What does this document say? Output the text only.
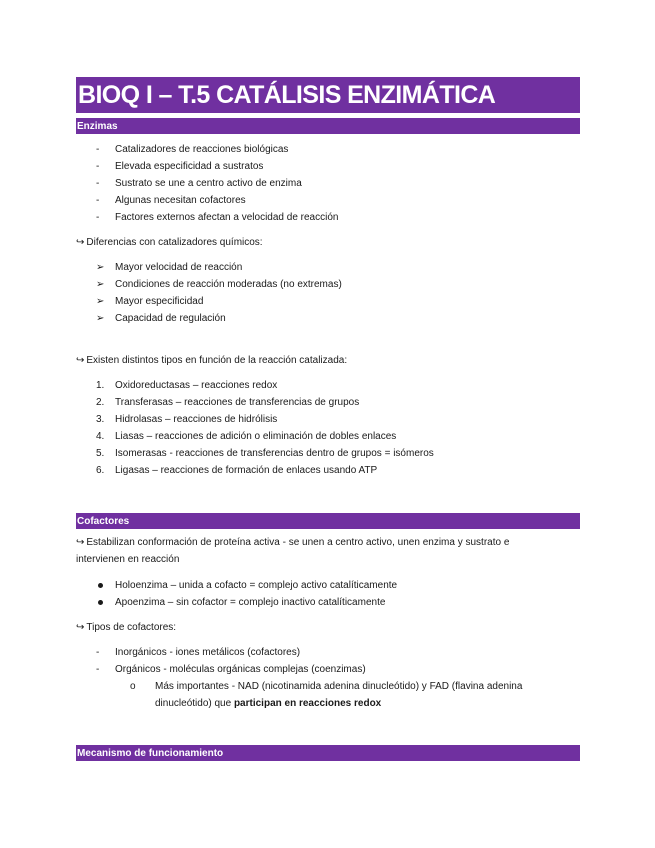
BIOQ I – T.5 CATÁLISIS ENZIMÁTICA
Enzimas
- Catalizadores de reacciones biológicas
- Elevada especificidad a sustratos
- Sustrato se une a centro activo de enzima
- Algunas necesitan cofactores
- Factores externos afectan a velocidad de reacción

↪ Diferencias con catalizadores químicos:

➢ Mayor velocidad de reacción
➢ Condiciones de reacción moderadas (no extremas)
➢ Mayor especificidad
➢ Capacidad de regulación

↪ Existen distintos tipos en función de la reacción catalizada:

1. Oxidoreductasas – reacciones redox
2. Transferasas – reacciones de transferencias de grupos
3. Hidrolasas – reacciones de hidrólisis
4. Liasas – reacciones de adición o eliminación de dobles enlaces
5. Isomerasas - reacciones de transferencias dentro de grupos = isómeros
6. Ligasas – reacciones de formación de enlaces usando ATP
Cofactores

↪ Estabilizan conformación de proteína activa - se unen a centro activo, unen enzima y sustrato e
intervienen en reacción

Holoenzima – unida a cofacto = complejo activo catalíticamente
Apoenzima – sin cofactor = complejo inactivo catalíticamente

↪ Tipos de cofactores:

- Inorgánicos - iones metálicos (cofactores)
- Orgánicos - moléculas orgánicas complejas (coenzimas)
o Más importantes - NAD (nicotinamida adenina dinucleótido) y FAD (flavina adenina
dinucleótido) que participan en reacciones redox
Mecanismo de funcionamiento
